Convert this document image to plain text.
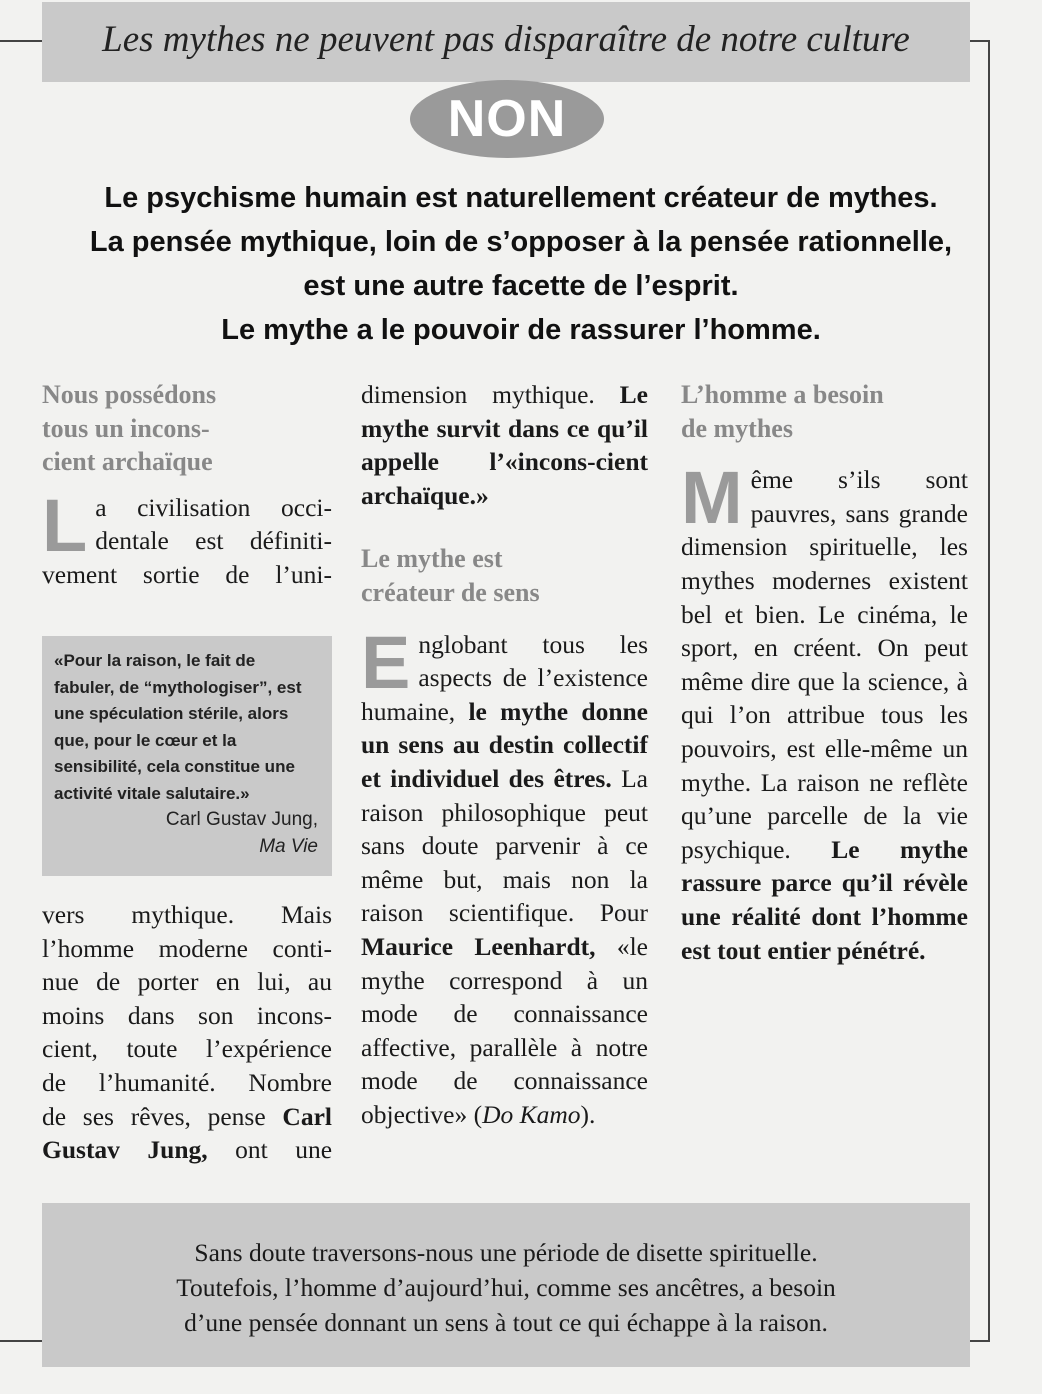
Les mythes ne peuvent pas disparaître de notre culture
NON
Le psychisme humain est naturellement créateur de mythes.
La pensée mythique, loin de s’opposer à la pensée rationnelle,
est une autre facette de l’esprit.
Le mythe a le pouvoir de rassurer l’homme.
Nous possédons
tous un incons-
cient archaïque
L a civilisation occi-
dentale est définiti-
vement sortie de l’uni-
«Pour la raison, le fait de fabuler, de “mythologiser”, est une spéculation stérile, alors que, pour le cœur et la sensibilité, cela constitue une activité vitale salutaire.»
Carl Gustav Jung,
Ma Vie
vers mythique. Mais
l’homme moderne conti-
nue de porter en lui, au
moins dans son incons-
cient, toute l’expérience
de l’humanité. Nombre
de ses rêves, pense Carl
Gustav Jung, ont une
dimension mythique. Le mythe survit dans ce qu’il appelle l’«incons-cient archaïque.»
Le mythe est
créateur de sens
Englobant tous les aspects de l’existence humaine, le mythe donne un sens au destin collectif et individuel des êtres. La raison philosophique peut sans doute parvenir à ce même but, mais non la raison scientifique. Pour Maurice Leenhardt, «le mythe correspond à un mode de connaissance affective, parallèle à notre mode de connaissance objective» (Do Kamo).
L’homme a besoin
de mythes
Même s’ils sont pauvres, sans grande dimension spirituelle, les mythes modernes existent bel et bien. Le cinéma, le sport, en créent. On peut même dire que la science, à qui l’on attribue tous les pouvoirs, est elle-même un mythe. La raison ne reflète qu’une parcelle de la vie psychique. Le mythe rassure parce qu’il révèle une réalité dont l’homme est tout entier pénétré.
Sans doute traversons-nous une période de disette spirituelle.
Toutefois, l’homme d’aujourd’hui, comme ses ancêtres, a besoin
d’une pensée donnant un sens à tout ce qui échappe à la raison.
